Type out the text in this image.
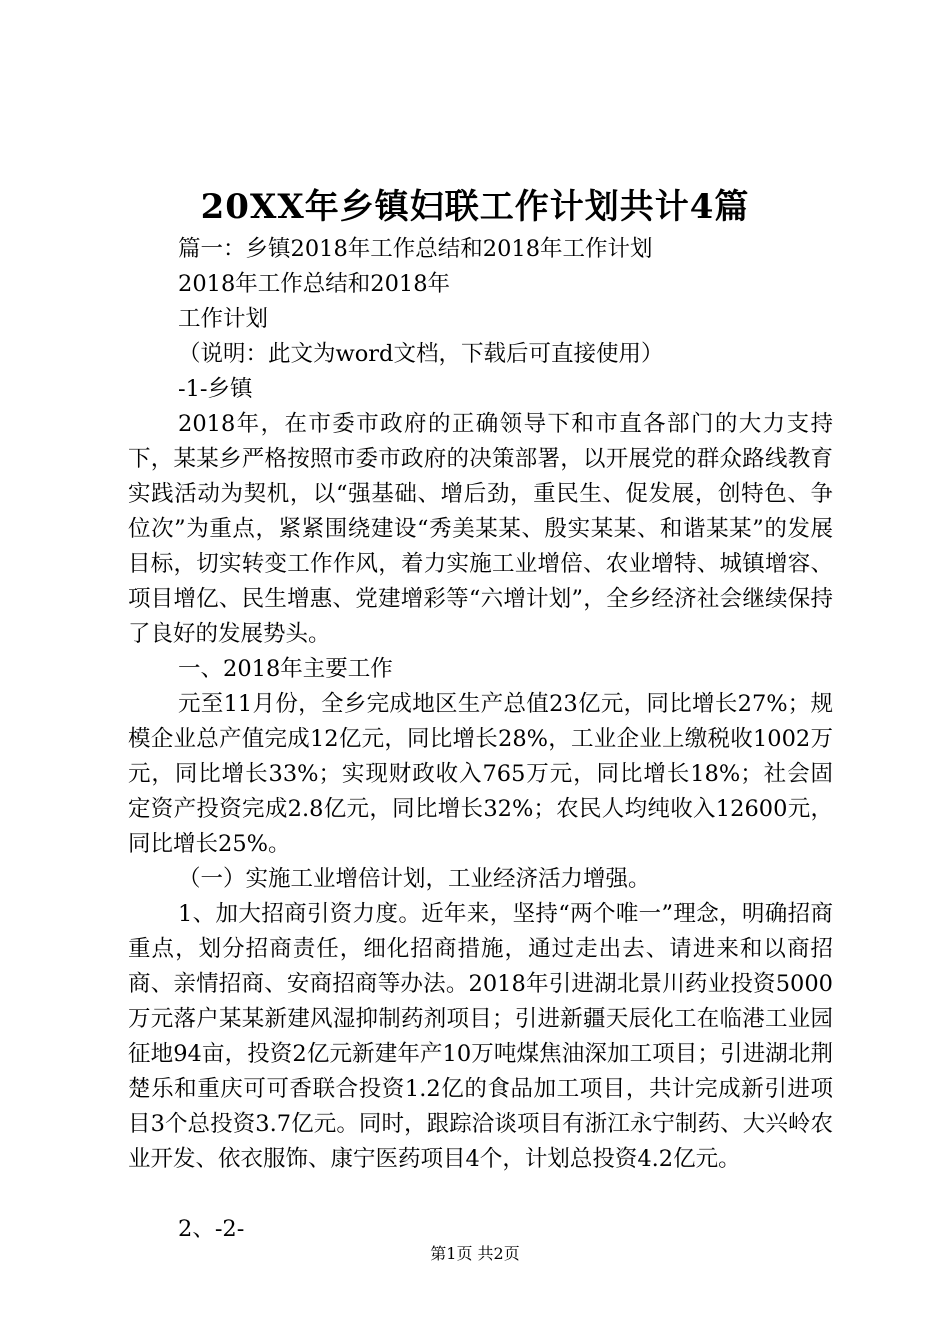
20XX年乡镇妇联工作计划共计4篇

篇一：乡镇2018年工作总结和2018年工作计划

2018年工作总结和2018年

工作计划

（说明：此文为word文档，下载后可直接使用）

-1-乡镇

2018年，在市委市政府的正确领导下和市直各部门的大力支持下，某某乡严格按照市委市政府的决策部署，以开展党的群众路线教育实践活动为契机，以“强基础、增后劲，重民生、促发展，创特色、争位次”为重点，紧紧围绕建设“秀美某某、殷实某某、和谐某某”的发展目标，切实转变工作作风，着力实施工业增倍、农业增特、城镇增容、项目增亿、民生增惠、党建增彩等“六增计划”，全乡经济社会继续保持了良好的发展势头。

一、2018年主要工作

元至11月份，全乡完成地区生产总值23亿元，同比增长27%；规模企业总产值完成12亿元，同比增长28%，工业企业上缴税收1002万元，同比增长33%；实现财政收入765万元，同比增长18%；社会固定资产投资完成2.8亿元，同比增长32%；农民人均纯收入12600元，同比增长25%。

（一）实施工业增倍计划，工业经济活力增强。

1、加大招商引资力度。近年来，坚持“两个唯一”理念，明确招商重点，划分招商责任，细化招商措施，通过走出去、请进来和以商招商、亲情招商、安商招商等办法。2018年引进湖北景川药业投资5000万元落户某某新建风湿抑制药剂项目；引进新疆天辰化工在临港工业园征地94亩，投资2亿元新建年产10万吨煤焦油深加工项目；引进湖北荆楚乐和重庆可可香联合投资1.2亿的食品加工项目，共计完成新引进项目3个总投资3.7亿元。同时，跟踪洽谈项目有浙江永宁制药、大兴岭农业开发、依衣服饰、康宁医药项目4个，计划总投资4.2亿元。

2、-2-

第1页 共2页
